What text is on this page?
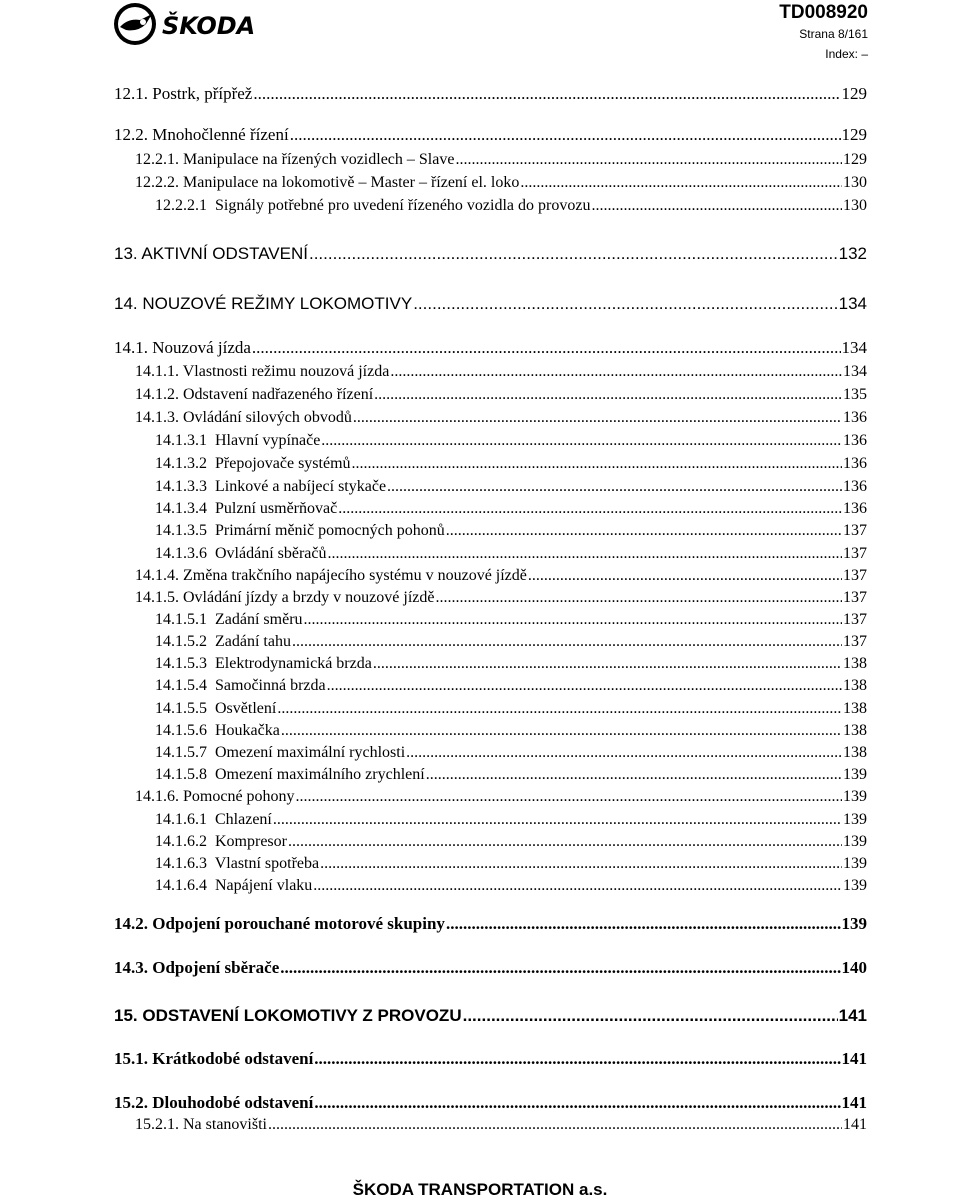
ŠKODA	TD008920
Strana 8/161
Index: –
12.1. Postrk, přípřež .....	129
12.2. Mnohočlenné řízení .....	129
12.2.1. Manipulace na řízených vozidlech – Slave .....	129
12.2.2. Manipulace na lokomotivě – Master – řízení el. loko .....	130
12.2.2.1  Signály potřebné pro uvedení řízeného vozidla do provozu .....	130
13. AKTIVNÍ ODSTAVENÍ .....	132
14. NOUZOVÉ REŽIMY LOKOMOTIVY .....	134
14.1. Nouzová jízda .....	134
14.1.1. Vlastnosti režimu nouzová jízda .....	134
14.1.2. Odstavení nadřazeného řízení .....	135
14.1.3. Ovládání silových obvodů .....	136
14.1.3.1  Hlavní vypínače .....	136
14.1.3.2  Přepojovače systémů .....	136
14.1.3.3  Linkové a nabíjecí stykače .....	136
14.1.3.4  Pulzní usměrňovač .....	136
14.1.3.5  Primární měnič pomocných pohonů .....	137
14.1.3.6  Ovládání sběračů .....	137
14.1.4. Změna trakčního napájecího systému v nouzové jízdě .....	137
14.1.5. Ovládání jízdy a brzdy v nouzové jízdě .....	137
14.1.5.1  Zadání směru .....	137
14.1.5.2  Zadání tahu .....	137
14.1.5.3  Elektrodynamická brzda .....	138
14.1.5.4  Samočinná brzda .....	138
14.1.5.5  Osvětlení .....	138
14.1.5.6  Houkačka .....	138
14.1.5.7  Omezení maximální rychlosti .....	138
14.1.5.8  Omezení maximálního zrychlení .....	139
14.1.6. Pomocné pohony .....	139
14.1.6.1  Chlazení .....	139
14.1.6.2  Kompresor .....	139
14.1.6.3  Vlastní spotřeba .....	139
14.1.6.4  Napájení vlaku .....	139
14.2. Odpojení porouchané motorové skupiny .....	139
14.3. Odpojení sběrače .....	140
15. ODSTAVENÍ LOKOMOTIVY Z PROVOZU .....	141
15.1. Krátkodobé odstavení .....	141
15.2. Dlouhodobé odstavení .....	141
15.2.1. Na stanovišti .....	141
ŠKODA TRANSPORTATION a.s.
